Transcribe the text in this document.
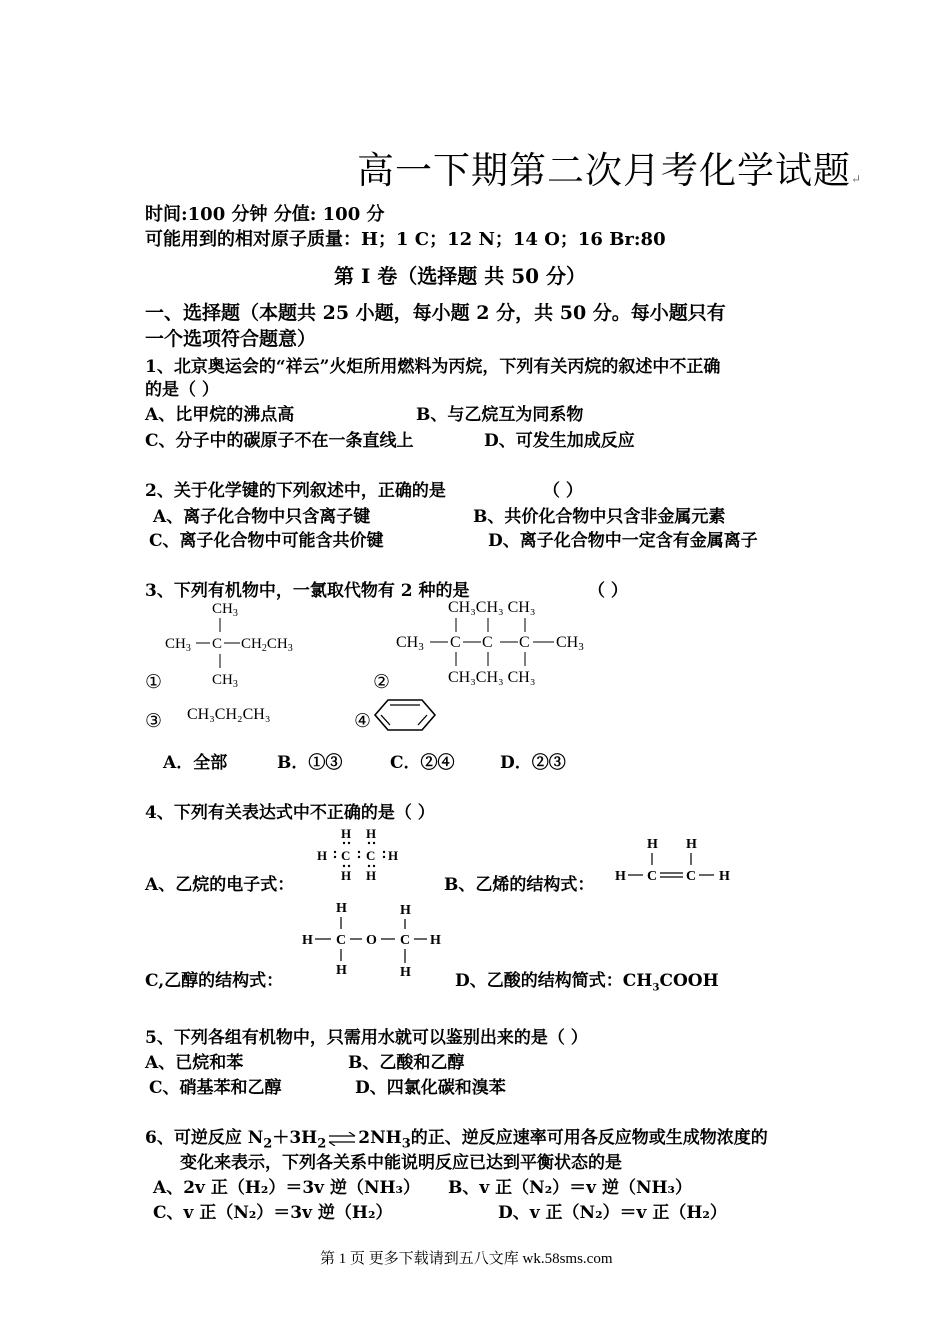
高一下期第二次月考化学试题↵
时间:100 分钟 分值: 100 分
可能用到的相对原子质量：H；1 C；12 N；14 O；16 Br:80
第 I 卷（选择题 共 50 分）
一、选择题（本题共 25 小题，每小题 2 分，共 50 分。每小题只有
一个选项符合题意）
1、北京奥运会的“祥云”火炬所用燃料为丙烷，下列有关丙烷的叙述中不正确
的是（ ）
A、比甲烷的沸点高	B、与乙烷互为同系物
C、分子中的碳原子不在一条直线上	D、可发生加成反应
2、关于化学键的下列叙述中，正确的是	（ ）
A、离子化合物中只含离子键	B、共价化合物中只含非金属元素
C、离子化合物中可能含共价键	D、离子化合物中一定含有金属离子
3、下列有机物中，一氯取代物有 2 种的是	（ ）
$CH_3$
$CH_3$ C $CH_2CH_3$
$CH_3$
CH₃CH₃ CH₃
CH3 C C C CH3
CH₃CH₃ CH₃
①	②
③ CH₃CH₂CH₃	④
A．全部	B．①③	C．②④	D．②③
4、下列有关表达式中不正确的是（ ）
H H
H C C H
H H
A、乙烷的电子式：	B、乙烯的结构式：
H H
H C C H
H	H
H C O C H
H	H
C,乙醇的结构式：	D、乙酸的结构简式：$CH_3COOH$
5、下列各组有机物中，只需用水就可以鉴别出来的是（ ）
A、已烷和苯	B、乙酸和乙醇
C、硝基苯和乙醇	D、四氯化碳和溴苯
6、可逆反应 $N_2+3H_2\rightleftharpoons 2NH_3$的正、逆反应速率可用各反应物或生成物浓度的
变化来表示，下列各关系中能说明反应已达到平衡状态的是
A、2v 正（H₂）＝3v 逆（NH₃） B、v 正（N₂）＝v 逆（NH₃）
C、v 正（N₂）＝3v 逆（H₂）	D、v 正（N₂）＝v 正（H₂）
第 1 页 更多下载请到五八文库 wk.58sms.com
